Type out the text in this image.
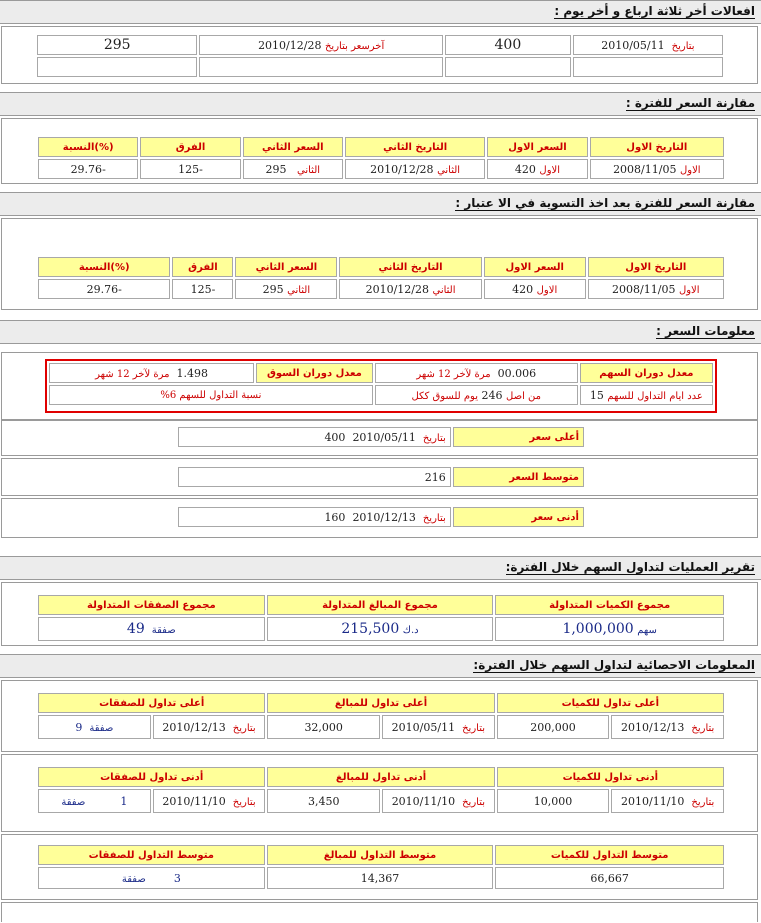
افعالات أخر ثلاثة ارباع و أخر يوم :
بتاريخ  2010/05/11	400	آخرسعر بتاريخ 2010/12/28	295

مقارنة السعر للفترة :
التاريخ الاول	السعر الاول	التاريخ الثاني	السعر الثاني	الفرق	(%)النسبة
الاول 2008/11/05	الاول 420	الثاني 2010/12/28	الثاني   295	-125	-29.76
مقارنة السعر للفترة بعد اخذ التسوية في الا عتبار :
التاريخ الاول	السعر الاول	التاريخ الثاني	السعر الثاني	الفرق	(%)النسبة
الاول 2008/11/05	الاول 420	الثاني 2010/12/28	الثاني 295	-125	-29.76
معلومات السعر :
معدل دوران السهم	00.006  مرة لآخر 12 شهر	معدل دوران السوق	1.498  مرة لآخر 12 شهر
عدد ايام التداول للسهم 15	من اصل 246 يوم للسوق ككل	نسبة التداول للسهم 6%	
أعلى سعر	بتاريخ  2010/05/11  400
متوسط السعر	216
أدنى سعر	بتاريخ  2010/12/13  160
تقرير العمليات لتداول السهم خلال الفترة:
مجموع الكميات المتداولة	مجموع المبالغ المتداولة	مجموع الصفقات المتداولة
سهم 1,000,000	د.ك 215,500	صفقة  49
المعلومات الاحصائية لتداول السهم خلال الفترة:
أعلى تداول للكميات		أعلى تداول للمبالغ		أعلى تداول للصفقات	
بتاريخ  2010/12/13	200,000	بتاريخ  2010/05/11	32,000	بتاريخ  2010/12/13	صفقة  9
أدنى تداول للكميات		أدنى تداول للمبالغ		أدنى تداول للصفقات	
بتاريخ  2010/11/10	10,000	بتاريخ  2010/11/10	3,450	بتاريخ  2010/11/10	1          صفقة
متوسط التداول للكميات	متوسط التداول للمبالغ	متوسط التداول للصفقات
66,667	14,367	3        صفقة
